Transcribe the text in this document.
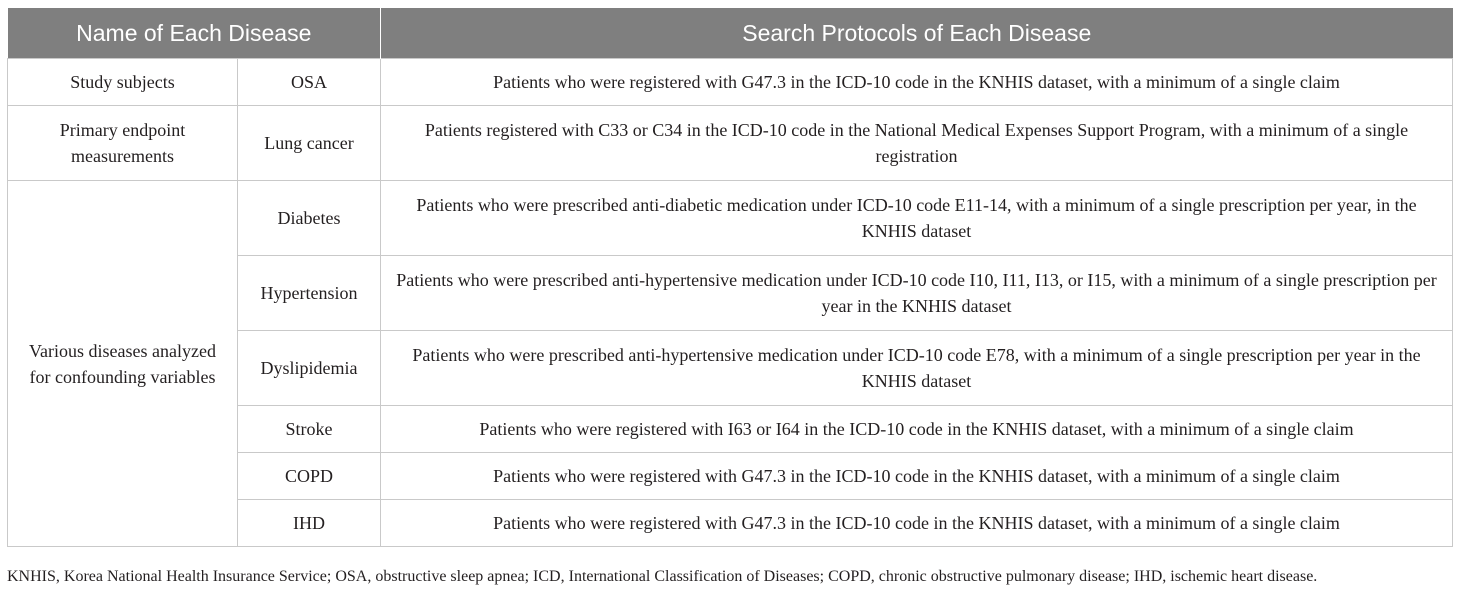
Name of Each Disease		Search Protocols of Each Disease
Study subjects	OSA	Patients who were registered with G47.3 in the ICD-10 code in the KNHIS dataset, with a minimum of a single claim
Primary endpoint measurements	Lung cancer	Patients registered with C33 or C34 in the ICD-10 code in the National Medical Expenses Support Program, with a minimum of a single registration
Various diseases analyzed for confounding variables	Diabetes	Patients who were prescribed anti-diabetic medication under ICD-10 code E11-14, with a minimum of a single prescription per year, in the KNHIS dataset
	Hypertension	Patients who were prescribed anti-hypertensive medication under ICD-10 code I10, I11, I13, or I15, with a minimum of a single prescription per year in the KNHIS dataset
	Dyslipidemia	Patients who were prescribed anti-hypertensive medication under ICD-10 code E78, with a minimum of a single prescription per year in the KNHIS dataset
	Stroke	Patients who were registered with I63 or I64 in the ICD-10 code in the KNHIS dataset, with a minimum of a single claim
	COPD	Patients who were registered with G47.3 in the ICD-10 code in the KNHIS dataset, with a minimum of a single claim
	IHD	Patients who were registered with G47.3 in the ICD-10 code in the KNHIS dataset, with a minimum of a single claim
KNHIS, Korea National Health Insurance Service; OSA, obstructive sleep apnea; ICD, International Classification of Diseases; COPD, chronic obstructive pulmonary disease; IHD, ischemic heart disease.
